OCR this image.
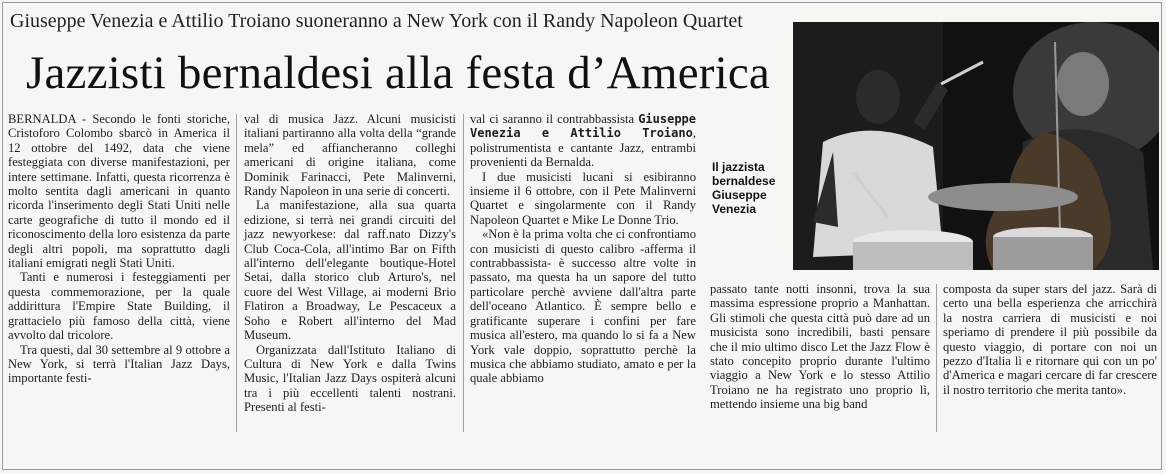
Giuseppe Venezia e Attilio Troiano suoneranno a New York con il Randy Napoleon Quartet
Jazzisti bernaldesi alla festa d’America

BERNALDA - Secondo le fonti storiche, Cristoforo Colombo sbarcò in America il 12 ottobre del 1492, data che viene festeggiata con diverse manifestazioni, per intere settimane. Infatti, questa ricorrenza è molto sentita dagli americani in quanto ricorda l'inserimento degli Stati Uniti nelle carte geografiche di tutto il mondo ed il riconoscimento della loro esistenza da parte degli altri popoli, ma soprattutto dagli italiani emigrati negli Stati Uniti.

Tanti e numerosi i festeggiamenti per questa commemorazione, per la quale addirittura l'Empire State Building, il grattacielo più famoso della città, viene avvolto dal tricolore.

Tra questi, dal 30 settembre al 9 ottobre a New York, si terrà l'Italian Jazz Days, importante festi-

val di musica Jazz. Alcuni musicisti italiani partiranno alla volta della “grande mela” ed affiancheranno colleghi americani di origine italiana, come Dominik Farinacci, Pete Malinverni, Randy Napoleon in una serie di concerti.

La manifestazione, alla sua quarta edizione, si terrà nei grandi circuiti del jazz newyorkese: dal raff.nato Dizzy's Club Coca-Cola, all'intimo Bar on Fifth all'interno dell'elegante boutique-Hotel Setai, dalla storico club Arturo's, nel cuore del West Village, ai moderni Brio Flatiron a Broadway, Le Pescaceux a Soho e Robert all'interno del Mad Museum.

Organizzata dall'Istituto Italiano di Cultura di New York e dalla Twins Music, l'Italian Jazz Days ospiterà alcuni tra i più eccellenti talenti nostrani. Presenti al festi-

val ci saranno il contrabbassista Giuseppe Venezia e Attilio Troiano, polistrumentista e cantante Jazz, entrambi provenienti da Bernalda.

I due musicisti lucani si esibiranno insieme il 6 ottobre, con il Pete Malinverni Quartet e singolarmente con il Randy Napoleon Quartet e Mike Le Donne Trio.

«Non è la prima volta che ci confrontiamo con musicisti di questo calibro -afferma il contrabbassista- è successo altre volte in passato, ma questa ha un sapore del tutto particolare perchè avviene dall'altra parte dell'oceano Atlantico. È sempre bello e gratificante superare i confini per fare musica all'estero, ma quando lo si fa a New York vale doppio, soprattutto perchè la musica che abbiamo studiato, amato e per la quale abbiamo

Il jazzista
bernaldese
Giuseppe
Venezia

passato tante notti insonni, trova la sua massima espressione proprio a Manhattan. Gli stimoli che questa città può dare ad un musicista sono incredibili, basti pensare che il mio ultimo disco Let the Jazz Flow è stato concepito proprio durante l'ultimo viaggio a New York e lo stesso Attilio Troiano ne ha registrato uno proprio lì, mettendo insieme una big band

composta da super stars del jazz. Sarà di certo una bella esperienza che arricchirà la nostra carriera di musicisti e noi speriamo di prendere il più possibile da questo viaggio, di portare con noi un pezzo d'Italia lì e ritornare qui con un po' d'America e magari cercare di far crescere il nostro territorio che merita tanto».
